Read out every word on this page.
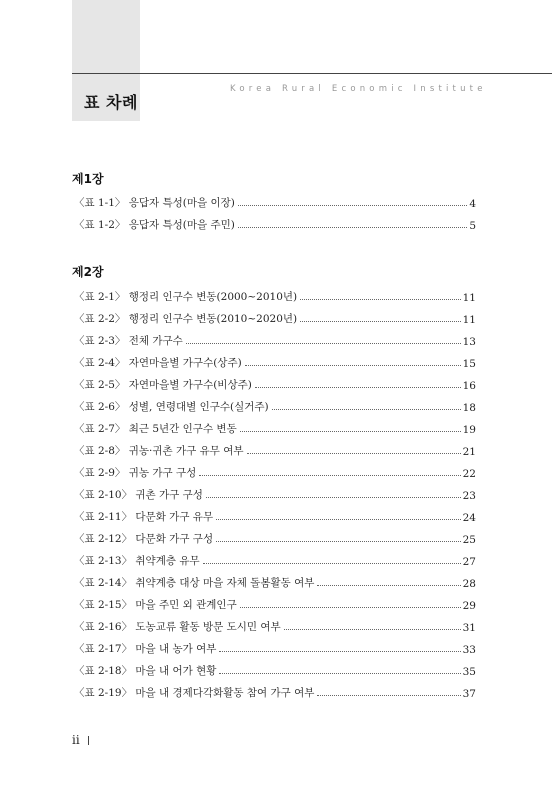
표 차례
Korea Rural Economic Institute
제1장
〈표 1-1〉 응답자 특성(마을 이장)	4
〈표 1-2〉 응답자 특성(마을 주민)	5
제2장
〈표 2-1〉 행정리 인구수 변동(2000~2010년)	11
〈표 2-2〉 행정리 인구수 변동(2010~2020년)	11
〈표 2-3〉 전체 가구수	13
〈표 2-4〉 자연마을별 가구수(상주)	15
〈표 2-5〉 자연마을별 가구수(비상주)	16
〈표 2-6〉 성별, 연령대별 인구수(실거주)	18
〈표 2-7〉 최근 5년간 인구수 변동	19
〈표 2-8〉 귀농·귀촌 가구 유무 여부	21
〈표 2-9〉 귀농 가구 구성	22
〈표 2-10〉 귀촌 가구 구성	23
〈표 2-11〉 다문화 가구 유무	24
〈표 2-12〉 다문화 가구 구성	25
〈표 2-13〉 취약계층 유무	27
〈표 2-14〉 취약계층 대상 마을 자체 돌봄활동 여부	28
〈표 2-15〉 마을 주민 외 관계인구	29
〈표 2-16〉 도농교류 활동 방문 도시민 여부	31
〈표 2-17〉 마을 내 농가 여부	33
〈표 2-18〉 마을 내 어가 현황	35
〈표 2-19〉 마을 내 경제다각화활동 참여 가구 여부	37
ii
